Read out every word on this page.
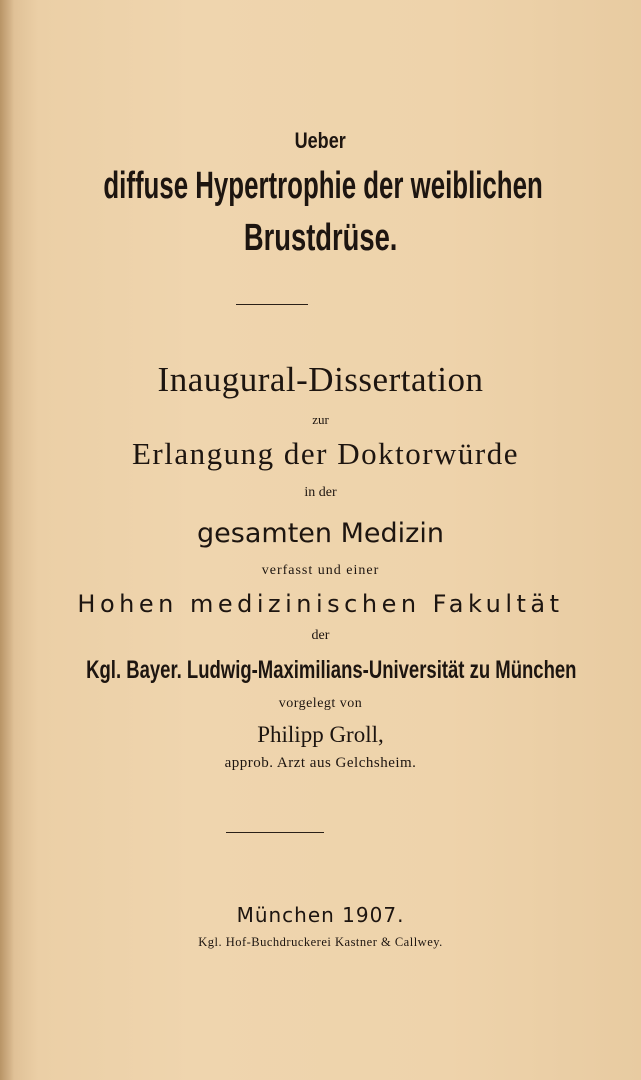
Ueber
diffuse Hypertrophie der weiblichen
Brustdrüse.
Inaugural-Dissertation
zur
Erlangung der Doktorwürde
in der
gesamten Medizin
verfasst und einer
Hohen medizinischen Fakultät
der
Kgl. Bayer. Ludwig-Maximilians-Universität zu München
vorgelegt von
Philipp Groll,
approb. Arzt aus Gelchsheim.
München 1907.
Kgl. Hof-Buchdruckerei Kastner & Callwey.
